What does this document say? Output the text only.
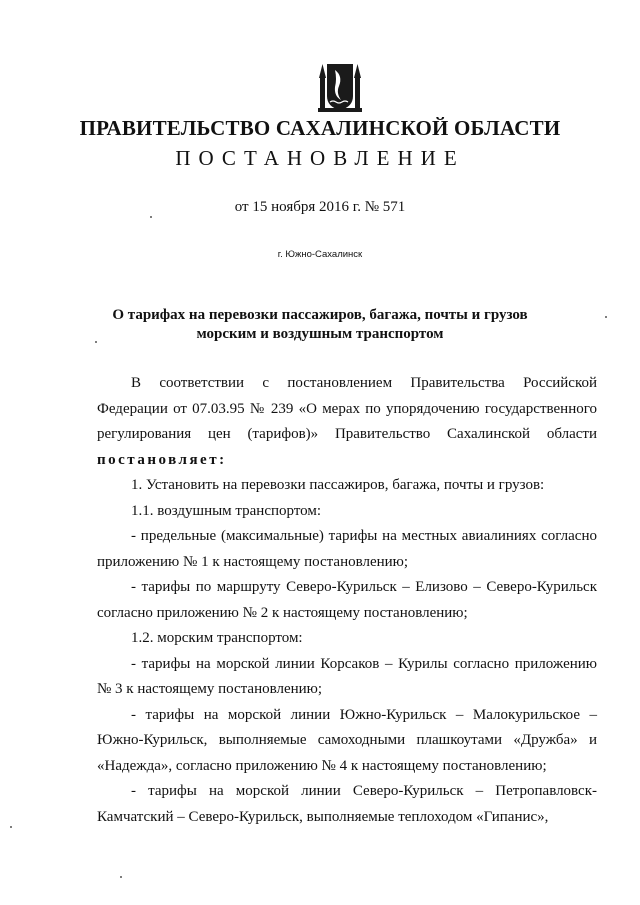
ПРАВИТЕЛЬСТВО САХАЛИНСКОЙ ОБЛАСТИ
ПОСТАНОВЛЕНИЕ
от 15 ноября 2016 г. № 571
г. Южно-Сахалинск
О тарифах на перевозки пассажиров, багажа, почты и грузов
морским и воздушным транспортом

В соответствии с постановлением Правительства Российской Федерации от 07.03.95 № 239 «О мерах по упорядочению государственного регулирования цен (тарифов)» Правительство Сахалинской области постановляет:

1. Установить на перевозки пассажиров, багажа, почты и грузов:

1.1. воздушным транспортом:

- предельные (максимальные) тарифы на местных авиалиниях согласно приложению № 1 к настоящему постановлению;

- тарифы по маршруту Северо-Курильск – Елизово – Северо-Курильск согласно приложению № 2 к настоящему постановлению;

1.2. морским транспортом:

- тарифы на морской линии Корсаков – Курилы согласно приложению № 3 к настоящему постановлению;

- тарифы на морской линии Южно-Курильск – Малокурильское – Южно-Курильск, выполняемые самоходными плашкоутами «Дружба» и «Надежда», согласно приложению № 4 к настоящему постановлению;

- тарифы на морской линии Северо-Курильск – Петропавловск-Камчатский – Северо-Курильск, выполняемые теплоходом «Гипанис»,
